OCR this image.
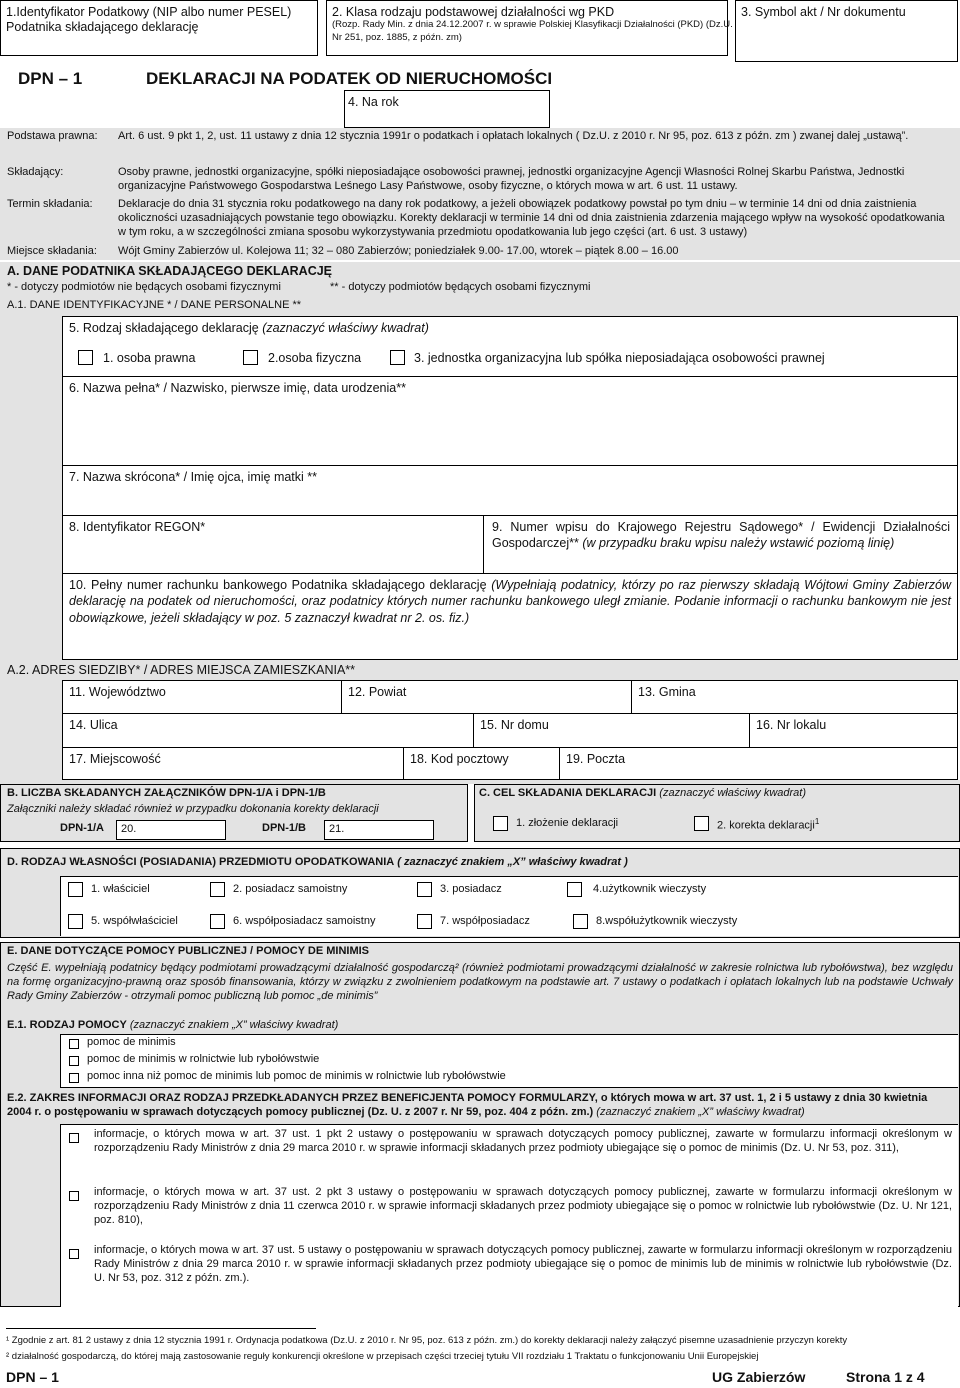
1.Identyfikator Podatkowy (NIP albo numer PESEL)
Podatnika składającego deklarację
2. Klasa rodzaju podstawowej działalności wg PKD
(Rozp. Rady Min. z dnia 24.12.2007 r. w sprawie Polskiej Klasyfikacji Działalności (PKD) (Dz.U.
Nr 251, poz. 1885, z późn. zm)
3. Symbol akt / Nr dokumentu
DPN – 1	DEKLARACJI NA PODATEK OD NIERUCHOMOŚCI
4. Na rok
Podstawa prawna: Art. 6 ust. 9 pkt 1, 2, ust. 11 ustawy z dnia 12 stycznia 1991r o podatkach i opłatach lokalnych ( Dz.U. z 2010 r. Nr 95, poz. 613 z późn. zm ) zwanej dalej „ustawą”.
Składający:	Osoby prawne, jednostki organizacyjne, spółki nieposiadające osobowości prawnej, jednostki organizacyjne Agencji Własności Rolnej Skarbu Państwa, Jednostki organizacyjne Państwowego Gospodarstwa Leśnego Lasy Państwowe, osoby fizyczne, o których mowa w art. 6 ust. 11 ustawy.
Termin składania: Deklaracje do dnia 31 stycznia roku podatkowego na dany rok podatkowy, a jeżeli obowiązek podatkowy powstał po tym dniu – w terminie 14 dni od dnia zaistnienia okoliczności uzasadniających powstanie tego obowiązku. Korekty deklaracji w terminie 14 dni od dnia zaistnienia zdarzenia mającego wpływ na wysokość opodatkowania w tym roku, a w szczególności zmiana sposobu wykorzystywania przedmiotu opodatkowania lub jego części (art. 6 ust. 3 ustawy)
Miejsce składania: Wójt Gminy Zabierzów ul. Kolejowa 11; 32 – 080 Zabierzów; poniedziałek 9.00- 17.00, wtorek – piątek 8.00 – 16.00
A. DANE PODATNIKA SKŁADAJĄCEGO DEKLARACJĘ
* - dotyczy podmiotów nie będących osobami fizycznymi	** - dotyczy podmiotów będących osobami fizycznymi
A.1. DANE IDENTYFIKACYJNE * / DANE PERSONALNE **
5. Rodzaj składającego deklarację (zaznaczyć właściwy kwadrat)
1. osoba prawna	2.osoba fizyczna	3. jednostka organizacyjna lub spółka nieposiadająca osobowości prawnej
6. Nazwa pełna* / Nazwisko, pierwsze imię, data urodzenia**
7. Nazwa skrócona* / Imię ojca, imię matki **
8. Identyfikator REGON*	9. Numer wpisu do Krajowego Rejestru Sądowego* / Ewidencji Działalności Gospodarczej** (w przypadku braku wpisu należy wstawić poziomą linię)
10. Pełny numer rachunku bankowego Podatnika składającego deklarację (Wypełniają podatnicy, którzy po raz pierwszy składają Wójtowi Gminy Zabierzów deklarację na podatek od nieruchomości, oraz podatnicy których numer rachunku bankowego uległ zmianie. Podanie informacji o rachunku bankowym nie jest obowiązkowe, jeżeli składający w poz. 5 zaznaczył kwadrat nr 2. os. fiz.)
A.2. ADRES SIEDZIBY* / ADRES MIEJSCA ZAMIESZKANIA**
11. Województwo	12. Powiat	13. Gmina
14. Ulica	15. Nr domu	16. Nr lokalu
17. Miejscowość	18. Kod pocztowy	19. Poczta
B. LICZBA SKŁADANYCH ZAŁĄCZNIKÓW DPN-1/A i DPN-1/B
Załączniki należy składać również w przypadku dokonania korekty deklaracji
DPN-1/A 20.	DPN-1/B 21.
C. CEL SKŁADANIA DEKLARACJI (zaznaczyć właściwy kwadrat)
1. złożenie deklaracji	2. korekta deklaracji$^1$
D. RODZAJ WŁASNOŚCI (POSIADANIA) PRZEDMIOTU OPODATKOWANIA ( zaznaczyć znakiem „X” właściwy kwadrat )
1. właściciel	2. posiadacz samoistny	3. posiadacz	4.użytkownik wieczysty
5. współwłaściciel	6. współposiadacz samoistny	7. współposiadacz	8.współużytkownik wieczysty
E. DANE DOTYCZĄCE POMOCY PUBLICZNEJ / POMOCY DE MINIMIS
Część E. wypełniają podatnicy będący podmiotami prowadzącymi działalność gospodarczą² (również podmiotami prowadzącymi działalność w zakresie rolnictwa lub rybołówstwa), bez względu na formę organizacyjno-prawną oraz sposób finansowania, którzy w związku z zwolnieniem podatkowym na podstawie art. 7 ustawy o podatkach i opłatach lokalnych lub na podstawie Uchwały Rady Gminy Zabierzów - otrzymali pomoc publiczną lub pomoc „de minimis”
E.1. RODZAJ POMOCY (zaznaczyć znakiem „X” właściwy kwadrat)
pomoc de minimis
pomoc de minimis w rolnictwie lub rybołówstwie
pomoc inna niż pomoc de minimis lub pomoc de minimis w rolnictwie lub rybołówstwie
E.2. ZAKRES INFORMACJI ORAZ RODZAJ PRZEDKŁADANYCH PRZEZ BENEFICJENTA POMOCY FORMULARZY, o których mowa w art. 37 ust. 1, 2 i 5 ustawy z dnia 30 kwietnia 2004 r. o postępowaniu w sprawach dotyczących pomocy publicznej (Dz. U. z 2007 r. Nr 59, poz. 404 z późn. zm.) (zaznaczyć znakiem „X” właściwy kwadrat)
informacje, o których mowa w art. 37 ust. 1 pkt 2 ustawy o postępowaniu w sprawach dotyczących pomocy publicznej, zawarte w formularzu informacji określonym w rozporządzeniu Rady Ministrów z dnia 29 marca 2010 r. w sprawie informacji składanych przez podmioty ubiegające się o pomoc de minimis (Dz. U. Nr 53, poz. 311),
informacje, o których mowa w art. 37 ust. 2 pkt 3 ustawy o postępowaniu w sprawach dotyczących pomocy publicznej, zawarte w formularzu informacji określonym w rozporządzeniu Rady Ministrów z dnia 11 czerwca 2010 r. w sprawie informacji składanych przez podmioty ubiegające się o pomoc w rolnictwie lub rybołówstwie (Dz. U. Nr 121, poz. 810),
informacje, o których mowa w art. 37 ust. 5 ustawy o postępowaniu w sprawach dotyczących pomocy publicznej, zawarte w formularzu informacji określonym w rozporządzeniu Rady Ministrów z dnia 29 marca 2010 r. w sprawie informacji składanych przez podmioty ubiegające się o pomoc de minimis lub de minimis w rolnictwie lub rybołówstwie (Dz. U. Nr 53, poz. 312 z późn. zm.).
¹ Zgodnie z art. 81 2 ustawy z dnia 12 stycznia 1991 r. Ordynacja podatkowa (Dz.U. z 2010 r. Nr 95, poz. 613 z późn. zm.) do korekty deklaracji należy załączyć pisemne uzasadnienie przyczyn korekty
² działalność gospodarczą, do której mają zastosowanie reguły konkurencji określone w przepisach części trzeciej tytułu VII rozdziału 1 Traktatu o funkcjonowaniu Unii Europejskiej
DPN – 1	UG Zabierzów	Strona 1 z 4
